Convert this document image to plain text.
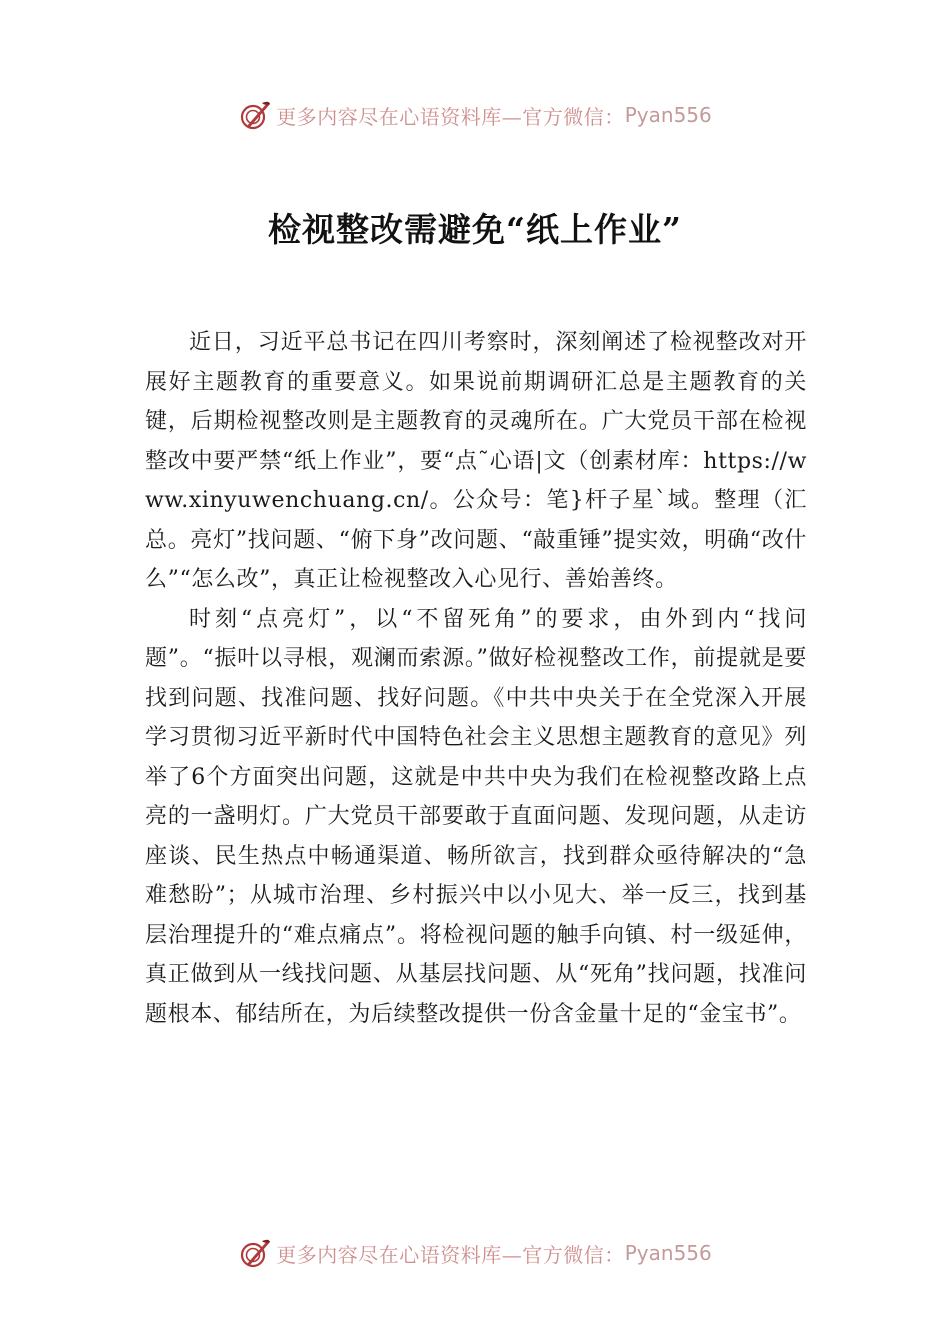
更多内容尽在心语资料库—官方微信： Pyan556
检视整改需避免“纸上作业”

近日，习近平总书记在四川考察时，深刻阐述了检视整改对开展好主题教育的重要意义。如果说前期调研汇总是主题教育的关键，后期检视整改则是主题教育的灵魂所在。广大党员干部在检视整改中要严禁“纸上作业”，要“点˜心语|文（创素材库：https://www.xinyuwenchuang.cn/。公众号：笔}杆子星`域。整理（汇总。亮灯”找问题、“俯下身”改问题、“敲重锤”提实效，明确“改什么”“怎么改”，真正让检视整改入心见行、善始善终。

时刻“点亮灯”，以“不留死角”的要求，由外到内“找问题”。“振叶以寻根，观澜而索源。”做好检视整改工作，前提就是要找到问题、找准问题、找好问题。《中共中央关于在全党深入开展学习贯彻习近平新时代中国特色社会主义思想主题教育的意见》列举了6个方面突出问题，这就是中共中央为我们在检视整改路上点亮的一盏明灯。广大党员干部要敢于直面问题、发现问题，从走访座谈、民生热点中畅通渠道、畅所欲言，找到群众亟待解决的“急难愁盼”；从城市治理、乡村振兴中以小见大、举一反三，找到基层治理提升的“难点痛点”。将检视问题的触手向镇、村一级延伸，真正做到从一线找问题、从基层找问题、从“死角”找问题，找准问题根本、郁结所在，为后续整改提供一份含金量十足的“金宝书”。

更多内容尽在心语资料库—官方微信： Pyan556
